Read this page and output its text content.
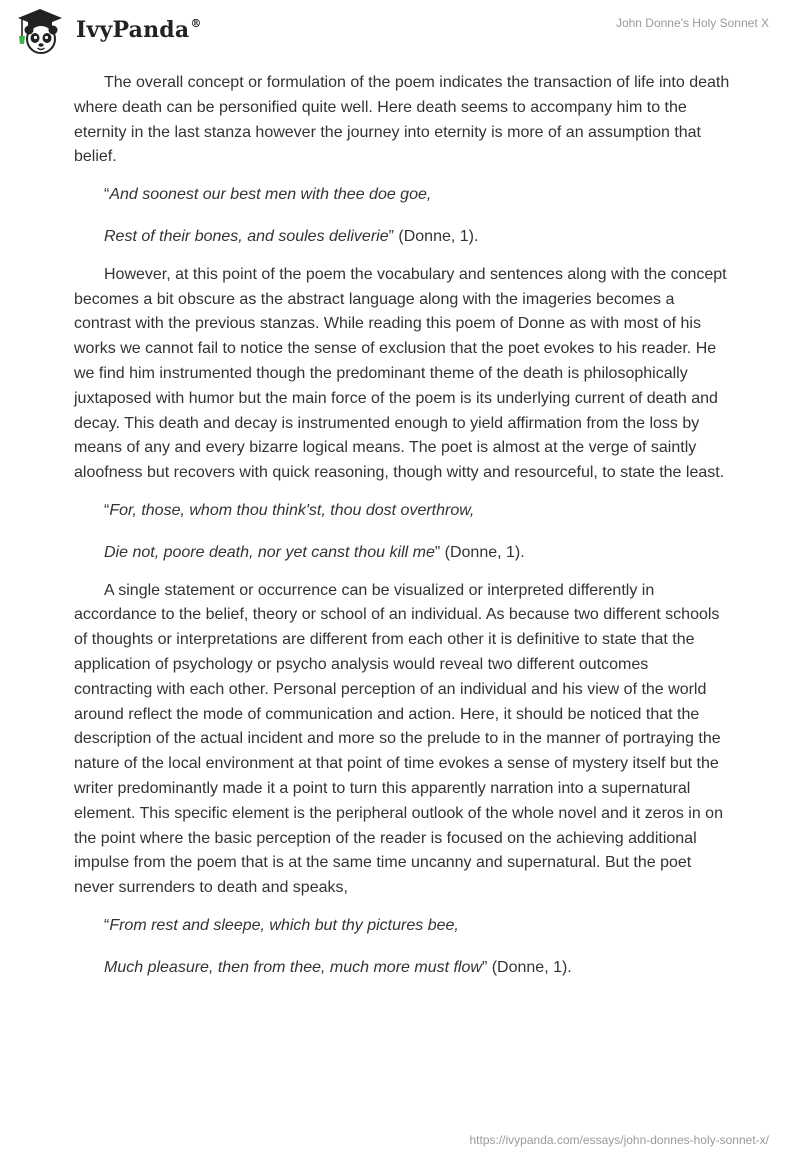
IvyPanda®	John Donne's Holy Sonnet X

The overall concept or formulation of the poem indicates the transaction of life into death where death can be personified quite well. Here death seems to accompany him to the eternity in the last stanza however the journey into eternity is more of an assumption that belief.

“And soonest our best men with thee doe goe,

Rest of their bones, and soules deliverie” (Donne, 1).

However, at this point of the poem the vocabulary and sentences along with the concept becomes a bit obscure as the abstract language along with the imageries becomes a contrast with the previous stanzas. While reading this poem of Donne as with most of his works we cannot fail to notice the sense of exclusion that the poet evokes to his reader. He we find him instrumented though the predominant theme of the death is philosophically juxtaposed with humor but the main force of the poem is its underlying current of death and decay. This death and decay is instrumented enough to yield affirmation from the loss by means of any and every bizarre logical means. The poet is almost at the verge of saintly aloofness but recovers with quick reasoning, though witty and resourceful, to state the least.

“For, those, whom thou think'st, thou dost overthrow,

Die not, poore death, nor yet canst thou kill me” (Donne, 1).

A single statement or occurrence can be visualized or interpreted differently in accordance to the belief, theory or school of an individual. As because two different schools of thoughts or interpretations are different from each other it is definitive to state that the application of psychology or psycho analysis would reveal two different outcomes contracting with each other. Personal perception of an individual and his view of the world around reflect the mode of communication and action. Here, it should be noticed that the description of the actual incident and more so the prelude to in the manner of portraying the nature of the local environment at that point of time evokes a sense of mystery itself but the writer predominantly made it a point to turn this apparently narration into a supernatural element. This specific element is the peripheral outlook of the whole novel and it zeros in on the point where the basic perception of the reader is focused on the achieving additional impulse from the poem that is at the same time uncanny and supernatural. But the poet never surrenders to death and speaks,

“From rest and sleepe, which but thy pictures bee,

Much pleasure, then from thee, much more must flow” (Donne, 1).

https://ivypanda.com/essays/john-donnes-holy-sonnet-x/
